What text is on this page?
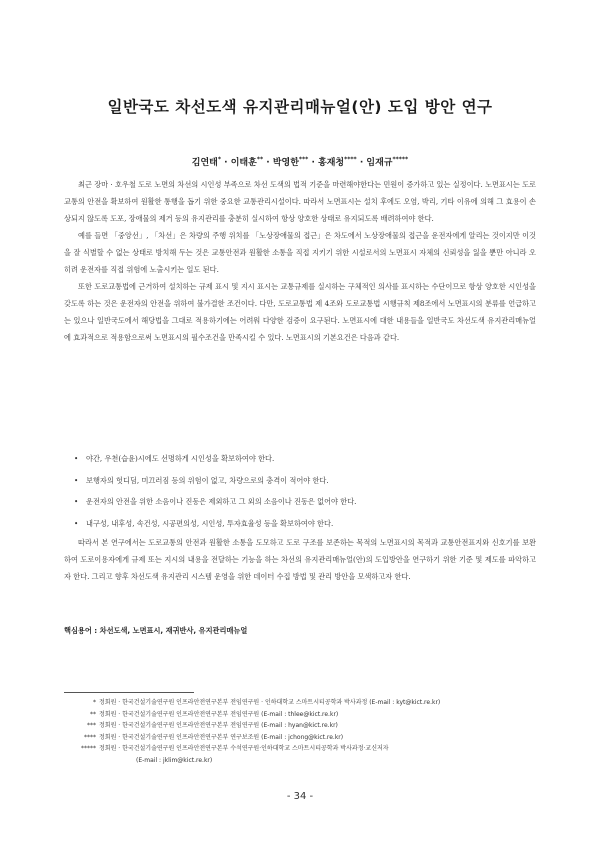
일반국도 차선도색 유지관리매뉴얼(안) 도입 방안 연구
김연태* · 이태훈** · 박영한*** · 홍재청**** · 임재규*****

최근 장마 · 호우철 도로 노면의 차선의 시인성 부족으로 차선 도색의 법적 기준을 마련해야한다는 민원이 증가하고 있는 실정이다. 노면표시는 도로교통의 안전을 확보하여 원활한 통행을 돕기 위한 중요한 교통관리시설이다. 따라서 노면표시는 설치 후에도 오염, 박리, 기타 이유에 의해 그 효용이 손상되지 않도록 도포, 장애물의 제거 등의 유지관리를 충분히 실시하여 항상 양호한 상태로 유지되도록 배려하여야 한다.

예를 들면 「중앙선」, 「차선」은 차량의 주행 위치를 「노상장애물의 접근」은 차도에서 노상장애물의 접근을 운전자에게 알리는 것이지만 이것을 잘 식별할 수 없는 상태로 방치해 두는 것은 교통안전과 원활한 소통을 직접 지키기 위한 시설로서의 노면표시 자체의 신뢰성을 잃을 뿐만 아니라 오히려 운전자를 직접 위험에 노출시키는 일도 된다.

또한 도로교통법에 근거하여 설치하는 규제 표시 및 지시 표시는 교통규제를 실시하는 구체적인 의사를 표시하는 수단이므로 항상 양호한 시인성을 갖도록 하는 것은 운전자의 안전을 위하여 불가결한 조건이다. 다만, 도로교통법 제 4조와 도로교통법 시행규칙 제8조에서 노면표시의 분류를 언급하고는 있으나 일반국도에서 해당법을 그대로 적용하기에는 어려워 다양한 검증이 요구된다. 노면표시에 대한 내용들을 일반국도 차선도색 유지관리매뉴얼에 효과적으로 적용함으로써 노면표시의 필수조건을 만족시킬 수 있다. 노면표시의 기본요건은 다음과 같다.

• 야간, 우천(습윤)시에도 선명하게 시인성을 확보하여야 한다.
• 보행자의 헛디딤, 미끄러짐 등의 위험이 없고, 차량으로의 충격이 적어야 한다.
• 운전자의 안전을 위한 소음이나 진동은 제외하고 그 외의 소음이나 진동은 없어야 한다.
• 내구성, 내후성, 속건성, 시공편의성, 시인성, 투자효율성 등을 확보하여야 한다.

따라서 본 연구에서는 도로교통의 안전과 원활한 소통을 도모하고 도로 구조를 보존하는 목적의 노면표시의 목적과 교통안전표지와 신호기를 보완하여 도로이용자에게 규제 또는 지시의 내용을 전달하는 기능을 하는 차선의 유지관리매뉴얼(안)의 도입방안을 연구하기 위한 기준 및 제도를 파악하고자 한다. 그리고 향후 차선도색 유지관리 시스템 운영을 위한 데이터 수집 방법 및 관리 방안을 모색하고자 한다.

핵심용어 : 차선도색, 노면표시, 재귀반사, 유지관리매뉴얼
* 정회원 · 한국건설기술연구원 인프라안전연구본부 전임연구원 · 인하대학교 스마트시티공학과 박사과정 (E-mail : kyt@kict.re.kr)
** 정회원 · 한국건설기술연구원 인프라안전연구본부 전임연구원 (E-mail : thlee@kict.re.kr)
*** 정회원 · 한국건설기술연구원 인프라안전연구본부 전임연구원 (E-mail : hyan@kict.re.kr)
**** 정회원 · 한국건설기술연구원 인프라안전연구본부 연구보조원 (E-mail : jchong@kict.re.kr)
***** 정회원 · 한국건설기술연구원 인프라안전연구본부 수석연구원·인하대학교 스마트시티공학과 박사과정·교신저자
(E-mail : jklim@kict.re.kr)
- 34 -
